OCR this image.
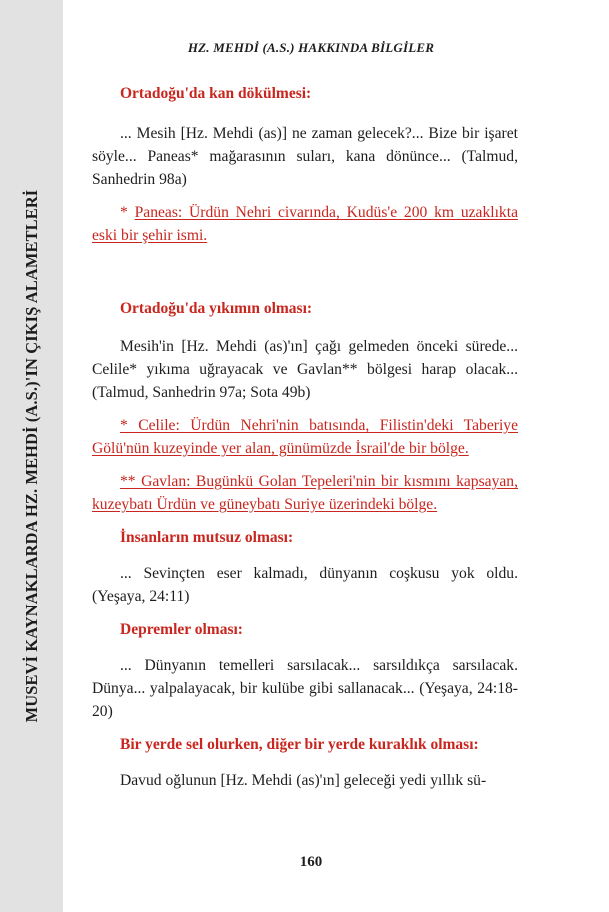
MUSEVİ KAYNAKLARDA HZ. MEHDİ (A.S.)'IN ÇIKIŞ ALAMETLERİ
HZ. MEHDİ (A.S.) HAKKINDA BİLGİLER

Ortadoğu'da kan dökülmesi:

... Mesih [Hz. Mehdi (as)] ne zaman gelecek?... Bize bir işaret söyle... Paneas* mağarasının suları, kana dönünce... (Talmud, Sanhedrin 98a)

* Paneas: Ürdün Nehri civarında, Kudüs'e 200 km uzaklıkta eski bir şehir ismi.

Ortadoğu'da yıkımın olması:

Mesih'in [Hz. Mehdi (as)'ın] çağı gelmeden önceki sürede... Celile* yıkıma uğrayacak ve Gavlan** bölgesi harap olacak... (Talmud, Sanhedrin 97a; Sota 49b)

* Celile: Ürdün Nehri'nin batısında, Filistin'deki Taberiye Gölü'nün kuzeyinde yer alan, günümüzde İsrail'de bir bölge.

** Gavlan: Bugünkü Golan Tepeleri'nin bir kısmını kapsayan, kuzeybatı Ürdün ve güneybatı Suriye üzerindeki bölge.

İnsanların mutsuz olması:

... Sevinçten eser kalmadı, dünyanın coşkusu yok oldu. (Yeşaya, 24:11)

Depremler olması:

... Dünyanın temelleri sarsılacak... sarsıldıkça sarsılacak. Dünya... yalpalayacak, bir kulübe gibi sallanacak... (Yeşaya, 24:18-20)

Bir yerde sel olurken, diğer bir yerde kuraklık olması:

Davud oğlunun [Hz. Mehdi (as)'ın] geleceği yedi yıllık sü-

160
